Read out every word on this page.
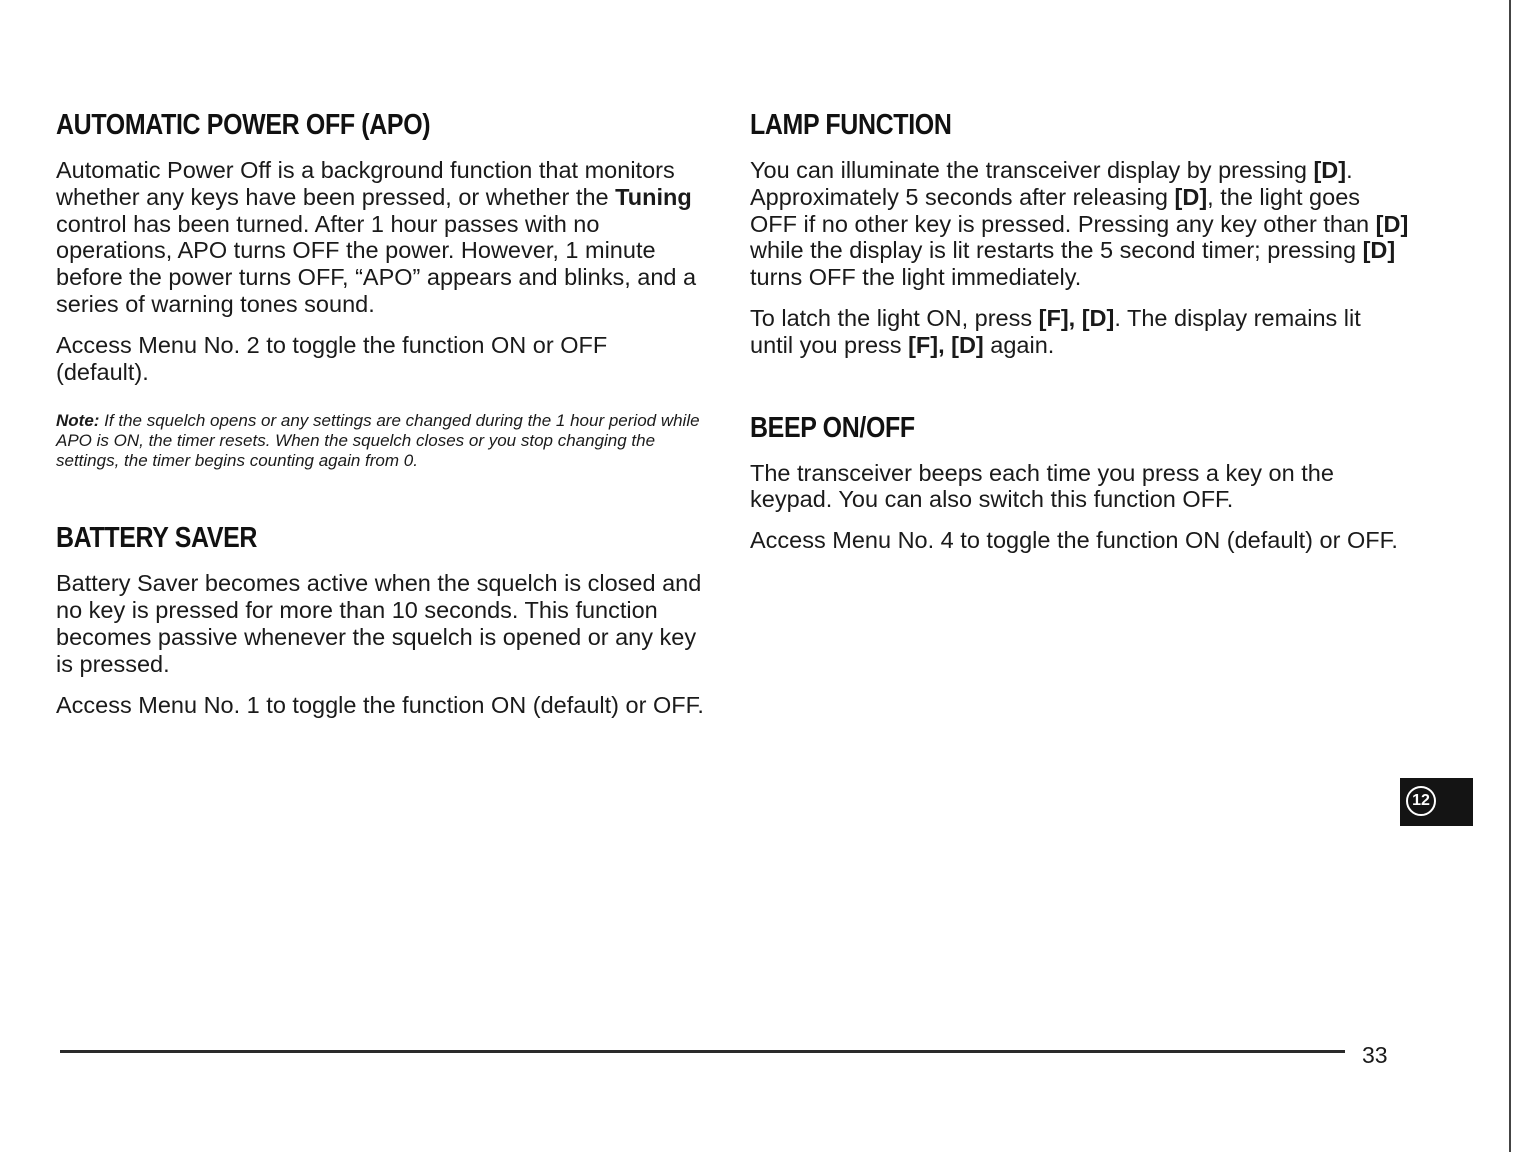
AUTOMATIC POWER OFF (APO)

Automatic Power Off is a background function that monitors whether any keys have been pressed, or whether the Tuning control has been turned. After 1 hour passes with no operations, APO turns OFF the power. However, 1 minute before the power turns OFF, “APO” appears and blinks, and a series of warning tones sound.

Access Menu No. 2 to toggle the function ON or OFF (default).

Note: If the squelch opens or any settings are changed during the 1 hour period while APO is ON, the timer resets. When the squelch closes or you stop changing the settings, the timer begins counting again from 0.
BATTERY SAVER

Battery Saver becomes active when the squelch is closed and no key is pressed for more than 10 seconds. This function becomes passive whenever the squelch is opened or any key is pressed.

Access Menu No. 1 to toggle the function ON (default) or OFF.

LAMP FUNCTION

You can illuminate the transceiver display by pressing [D]. Approximately 5 seconds after releasing [D], the light goes OFF if no other key is pressed. Pressing any key other than [D] while the display is lit restarts the 5 second timer; pressing [D] turns OFF the light immediately.

To latch the light ON, press [F], [D]. The display remains lit until you press [F], [D] again.

BEEP ON/OFF

The transceiver beeps each time you press a key on the keypad. You can also switch this function OFF.

Access Menu No. 4 to toggle the function ON (default) or OFF.

12
33
